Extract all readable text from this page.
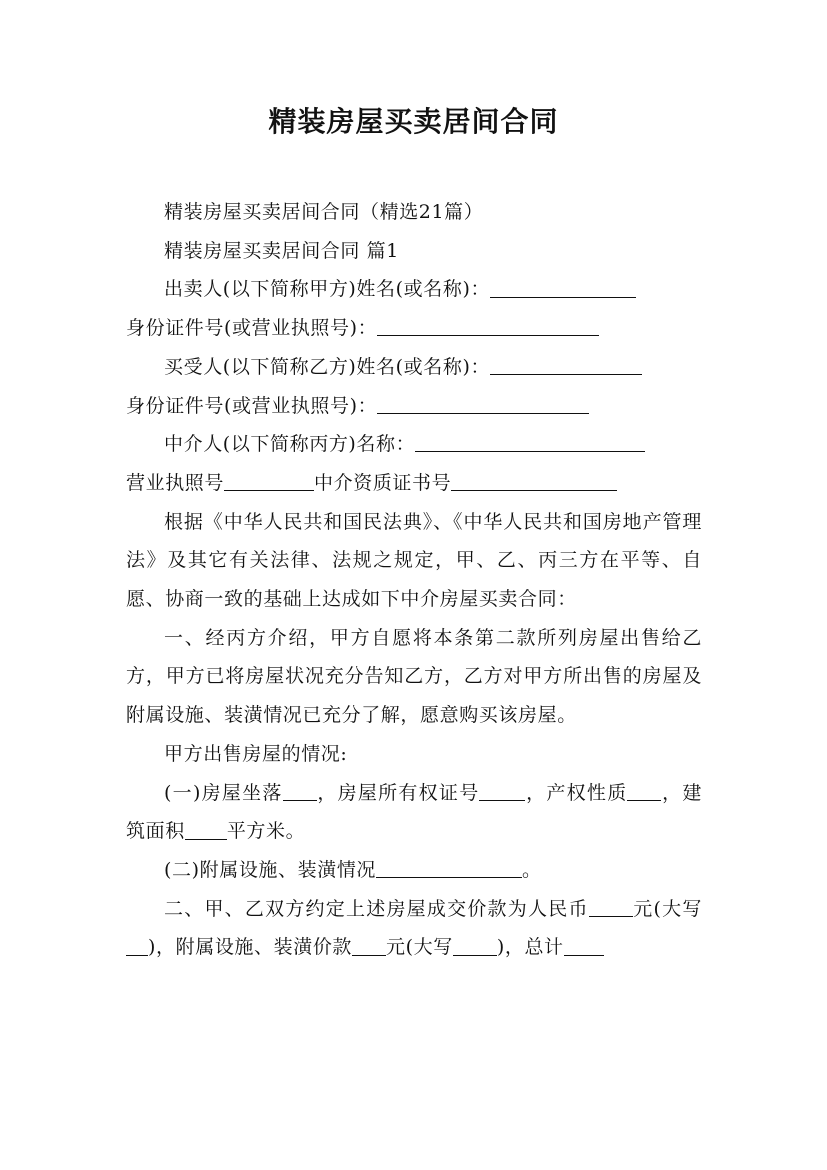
精装房屋买卖居间合同

精装房屋买卖居间合同（精选21篇）

精装房屋买卖居间合同 篇1

出卖人(以下简称甲方)姓名(或名称)：

身份证件号(或营业执照号)：

买受人(以下简称乙方)姓名(或名称)：

身份证件号(或营业执照号)：

中介人(以下简称丙方)名称：

营业执照号	中介资质证书号

根据《中华人民共和国民法典》、《中华人民共和国房地产管理法》及其它有关法律、法规之规定，甲、乙、丙三方在平等、自愿、协商一致的基础上达成如下中介房屋买卖合同：

一、经丙方介绍，甲方自愿将本条第二款所列房屋出售给乙方，甲方已将房屋状况充分告知乙方，乙方对甲方所出售的房屋及附属设施、装潢情况已充分了解，愿意购买该房屋。

甲方出售房屋的情况:

(一)房屋坐落 ，房屋所有权证号 ，产权性质 ，建筑面积 平方米。

(二)附属设施、装潢情况	。

二、甲、乙双方约定上述房屋成交价款为人民币 元(大写)，附属设施、装潢价款 元(大写 )，总计
